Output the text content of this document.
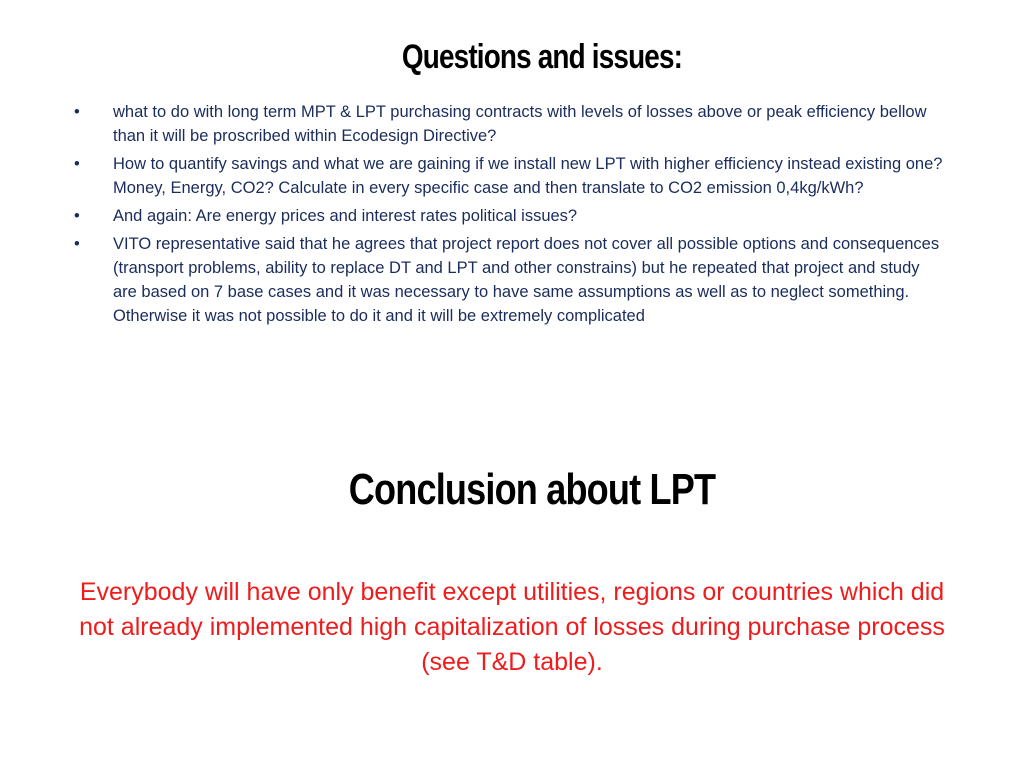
Questions and issues:
• what to do with long term MPT & LPT purchasing contracts with levels of losses above or peak efficiency bellow than it will be proscribed within Ecodesign Directive?
• How to quantify savings and what we are gaining if we install new LPT with higher efficiency instead existing one? Money, Energy, CO2? Calculate in every specific case and then translate to CO2 emission 0,4kg/kWh?
• And again: Are energy prices and interest rates political issues?
• VITO representative said that he agrees that project report does not cover all possible options and consequences (transport problems, ability to replace DT and LPT and other constrains) but he repeated that project and study are based on 7 base cases and it was necessary to have same assumptions as well as to neglect something. Otherwise it was not possible to do it and it will be extremely complicated
Conclusion about LPT
Everybody will have only benefit except utilities, regions or countries which did not already implemented high capitalization of losses during purchase process (see T&D table).
